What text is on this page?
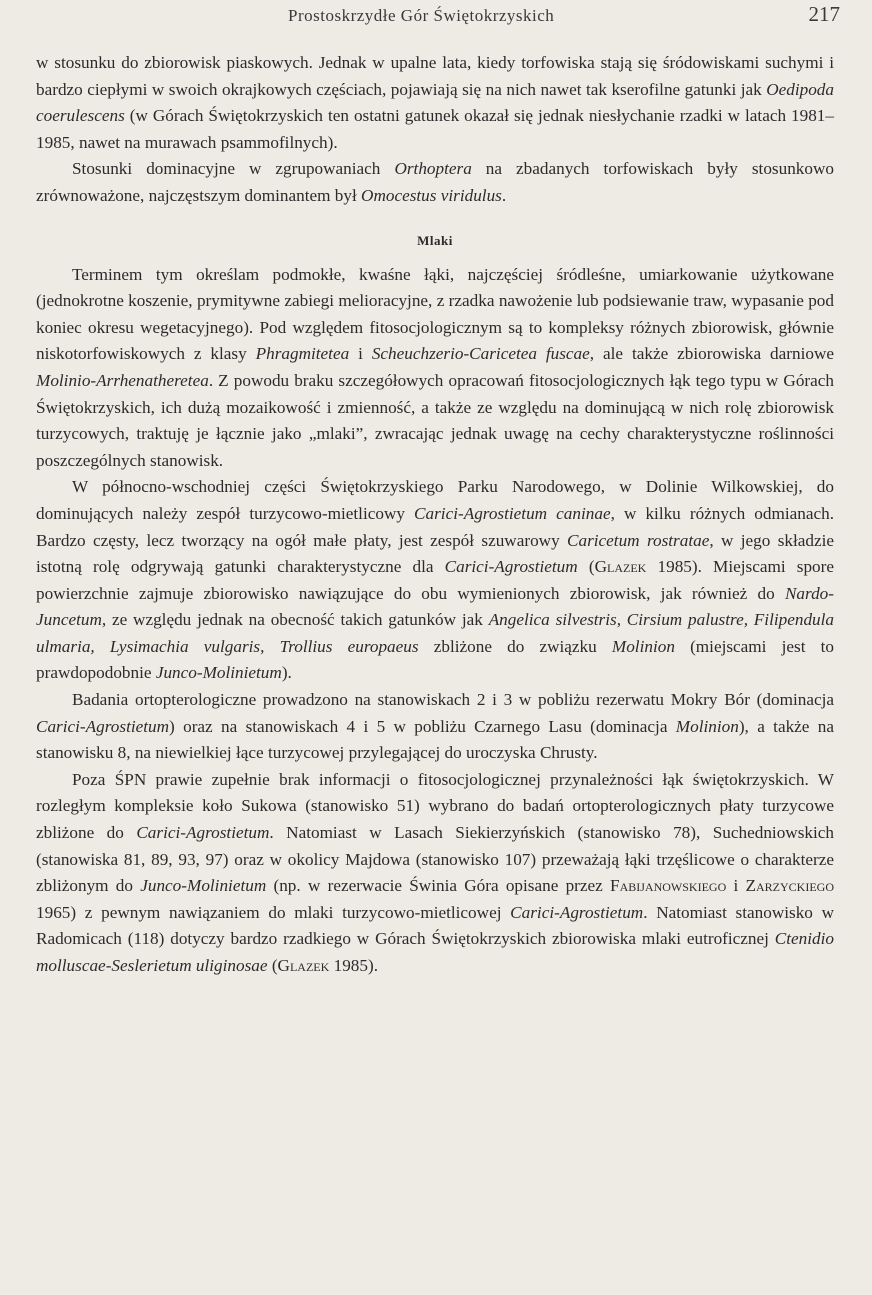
Prostoskrzydłe Gór Świętokrzyskich	217

w stosunku do zbiorowisk piaskowych. Jednak w upalne lata, kiedy torfowiska stają się śródowiskami suchymi i bardzo ciepłymi w swoich okrajkowych częściach, pojawiają się na nich nawet tak kserofilne gatunki jak Oedipoda coerulescens (w Górach Świętokrzyskich ten ostatni gatunek okazał się jednak niesłychanie rzadki w latach 1981–1985, nawet na murawach psammofilnych).

Stosunki dominacyjne w zgrupowaniach Orthoptera na zbadanych torfowiskach były stosunkowo zrównoważone, najczęstszym dominantem był Omocestus viridulus.

Mlaki

Terminem tym określam podmokłe, kwaśne łąki, najczęściej śródleśne, umiarkowanie użytkowane (jednokrotne koszenie, prymitywne zabiegi melioracyjne, z rzadka nawożenie lub podsiewanie traw, wypasanie pod koniec okresu wegetacyjnego). Pod względem fitosocjologicznym są to kompleksy różnych zbiorowisk, głównie niskotorfowiskowych z klasy Phragmitetea i Scheuchzerio-Caricetea fuscae, ale także zbiorowiska darniowe Molinio-Arrhenatheretea. Z powodu braku szczegółowych opracowań fitosocjologicznych łąk tego typu w Górach Świętokrzyskich, ich dużą mozaikowość i zmienność, a także ze względu na dominującą w nich rolę zbiorowisk turzycowych, traktuję je łącznie jako „mlaki”, zwracając jednak uwagę na cechy charakterystyczne roślinności poszczególnych stanowisk.

W północno-wschodniej części Świętokrzyskiego Parku Narodowego, w Dolinie Wilkowskiej, do dominujących należy zespół turzycowo-mietlicowy Carici-Agrostietum caninae, w kilku różnych odmianach. Bardzo częsty, lecz tworzący na ogół małe płaty, jest zespół szuwarowy Caricetum rostratae, w jego składzie istotną rolę odgrywają gatunki charakterystyczne dla Carici-Agrostietum (Glazek 1985). Miejscami spore powierzchnie zajmuje zbiorowisko nawiązujące do obu wymienionych zbiorowisk, jak również do Nardo-Juncetum, ze względu jednak na obecność takich gatunków jak Angelica silvestris, Cirsium palustre, Filipendula ulmaria, Lysimachia vulgaris, Trollius europaeus zbliżone do związku Molinion (miejscami jest to prawdopodobnie Junco-Molinietum).

Badania ortopterologiczne prowadzono na stanowiskach 2 i 3 w pobliżu rezerwatu Mokry Bór (dominacja Carici-Agrostietum) oraz na stanowiskach 4 i 5 w pobliżu Czarnego Lasu (dominacja Molinion), a także na stanowisku 8, na niewielkiej łące turzycowej przylegającej do uroczyska Chrusty.

Poza ŚPN prawie zupełnie brak informacji o fitosocjologicznej przynależności łąk świętokrzyskich. W rozległym kompleksie koło Sukowa (stanowisko 51) wybrano do badań ortopterologicznych płaty turzycowe zbliżone do Carici-Agrostietum. Natomiast w Lasach Siekierzyńskich (stanowisko 78), Suchedniowskich (stanowiska 81, 89, 93, 97) oraz w okolicy Majdowa (stanowisko 107) przeważają łąki trzęślicowe o charakterze zbliżonym do Junco-Molinietum (np. w rezerwacie Świnia Góra opisane przez Fabijanowskiego i Zarzyckiego 1965) z pewnym nawiązaniem do mlaki turzycowo-mietlicowej Carici-Agrostietum. Natomiast stanowisko w Radomicach (118) dotyczy bardzo rzadkiego w Górach Świętokrzyskich zbiorowiska mlaki eutroficznej Ctenidio molluscae-Seslerietum uliginosae (Glazek 1985).
